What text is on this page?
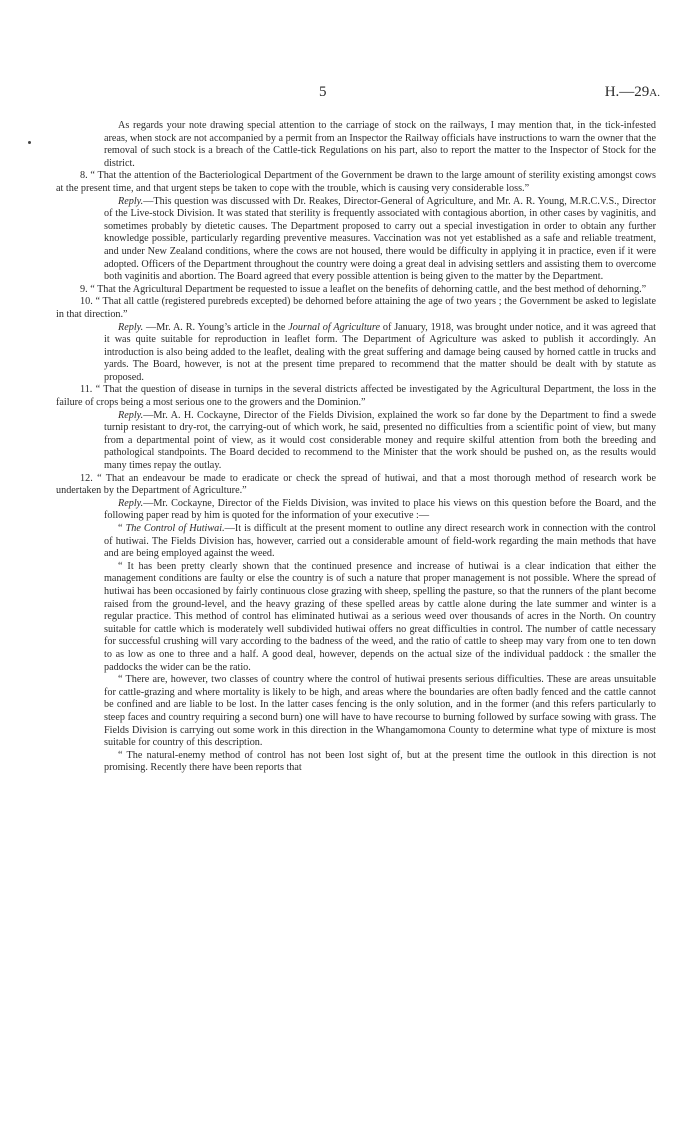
5	H.—29A.

As regards your note drawing special attention to the carriage of stock on the railways, I may mention that, in the tick-infested areas, when stock are not accompanied by a permit from an Inspector the Railway officials have instructions to warn the owner that the removal of such stock is a breach of the Cattle-tick Regulations on his part, also to report the matter to the Inspector of Stock for the district.

8. “ That the attention of the Bacteriological Department of the Government be drawn to the large amount of sterility existing amongst cows at the present time, and that urgent steps be taken to cope with the trouble, which is causing very considerable loss.”

Reply.—This question was discussed with Dr. Reakes, Director-General of Agriculture, and Mr. A. R. Young, M.R.C.V.S., Director of the Live-stock Division. It was stated that sterility is frequently associated with contagious abortion, in other cases by vaginitis, and sometimes probably by dietetic causes. The Department proposed to carry out a special investigation in order to obtain any further knowledge possible, particularly regarding preventive measures. Vaccination was not yet established as a safe and reliable treatment, and under New Zealand conditions, where the cows are not housed, there would be difficulty in applying it in practice, even if it were adopted. Officers of the Department throughout the country were doing a great deal in advising settlers and assisting them to overcome both vaginitis and abortion. The Board agreed that every possible attention is being given to the matter by the Department.

9. “ That the Agricultural Department be requested to issue a leaflet on the benefits of dehorning cattle, and the best method of dehorning.”

10. “ That all cattle (registered purebreds excepted) be dehorned before attaining the age of two years ; the Government be asked to legislate in that direction.”

Reply. —Mr. A. R. Young’s article in the Journal of Agriculture of January, 1918, was brought under notice, and it was agreed that it was quite suitable for reproduction in leaflet form. The Department of Agriculture was asked to publish it accordingly. An introduction is also being added to the leaflet, dealing with the great suffering and damage being caused by horned cattle in trucks and yards. The Board, however, is not at the present time prepared to recommend that the matter should be dealt with by statute as proposed.

11. “ That the question of disease in turnips in the several districts affected be investigated by the Agricultural Department, the loss in the failure of crops being a most serious one to the growers and the Dominion.”

Reply.—Mr. A. H. Cockayne, Director of the Fields Division, explained the work so far done by the Department to find a swede turnip resistant to dry-rot, the carrying-out of which work, he said, presented no difficulties from a scientific point of view, but many from a departmental point of view, as it would cost considerable money and require skilful attention from both the breeding and pathological standpoints. The Board decided to recommend to the Minister that the work should be pushed on, as the results would many times repay the outlay.

12. “ That an endeavour be made to eradicate or check the spread of hutiwai, and that a most thorough method of research work be undertaken by the Department of Agriculture.”

Reply.—Mr. Cockayne, Director of the Fields Division, was invited to place his views on this question before the Board, and the following paper read by him is quoted for the information of your executive :—

“ The Control of Hutiwai.—It is difficult at the present moment to outline any direct research work in connection with the control of hutiwai. The Fields Division has, however, carried out a considerable amount of field-work regarding the main methods that have and are being employed against the weed.

“ It has been pretty clearly shown that the continued presence and increase of hutiwai is a clear indication that either the management conditions are faulty or else the country is of such a nature that proper management is not possible. Where the spread of hutiwai has been occasioned by fairly continuous close grazing with sheep, spelling the pasture, so that the runners of the plant become raised from the ground-level, and the heavy grazing of these spelled areas by cattle alone during the late summer and winter is a regular practice. This method of control has eliminated hutiwai as a serious weed over thousands of acres in the North. On country suitable for cattle which is moderately well subdivided hutiwai offers no great difficulties in control. The number of cattle necessary for successful crushing will vary according to the badness of the weed, and the ratio of cattle to sheep may vary from one to ten down to as low as one to three and a half. A good deal, however, depends on the actual size of the individual paddock : the smaller the paddocks the wider can be the ratio.

“ There are, however, two classes of country where the control of hutiwai presents serious difficulties. These are areas unsuitable for cattle-grazing and where mortality is likely to be high, and areas where the boundaries are often badly fenced and the cattle cannot be confined and are liable to be lost. In the latter cases fencing is the only solution, and in the former (and this refers particularly to steep faces and country requiring a second burn) one will have to have recourse to burning followed by surface sowing with grass. The Fields Division is carrying out some work in this direction in the Whangamomona County to determine what type of mixture is most suitable for country of this description.

“ The natural-enemy method of control has not been lost sight of, but at the present time the outlook in this direction is not promising. Recently there have been reports that
